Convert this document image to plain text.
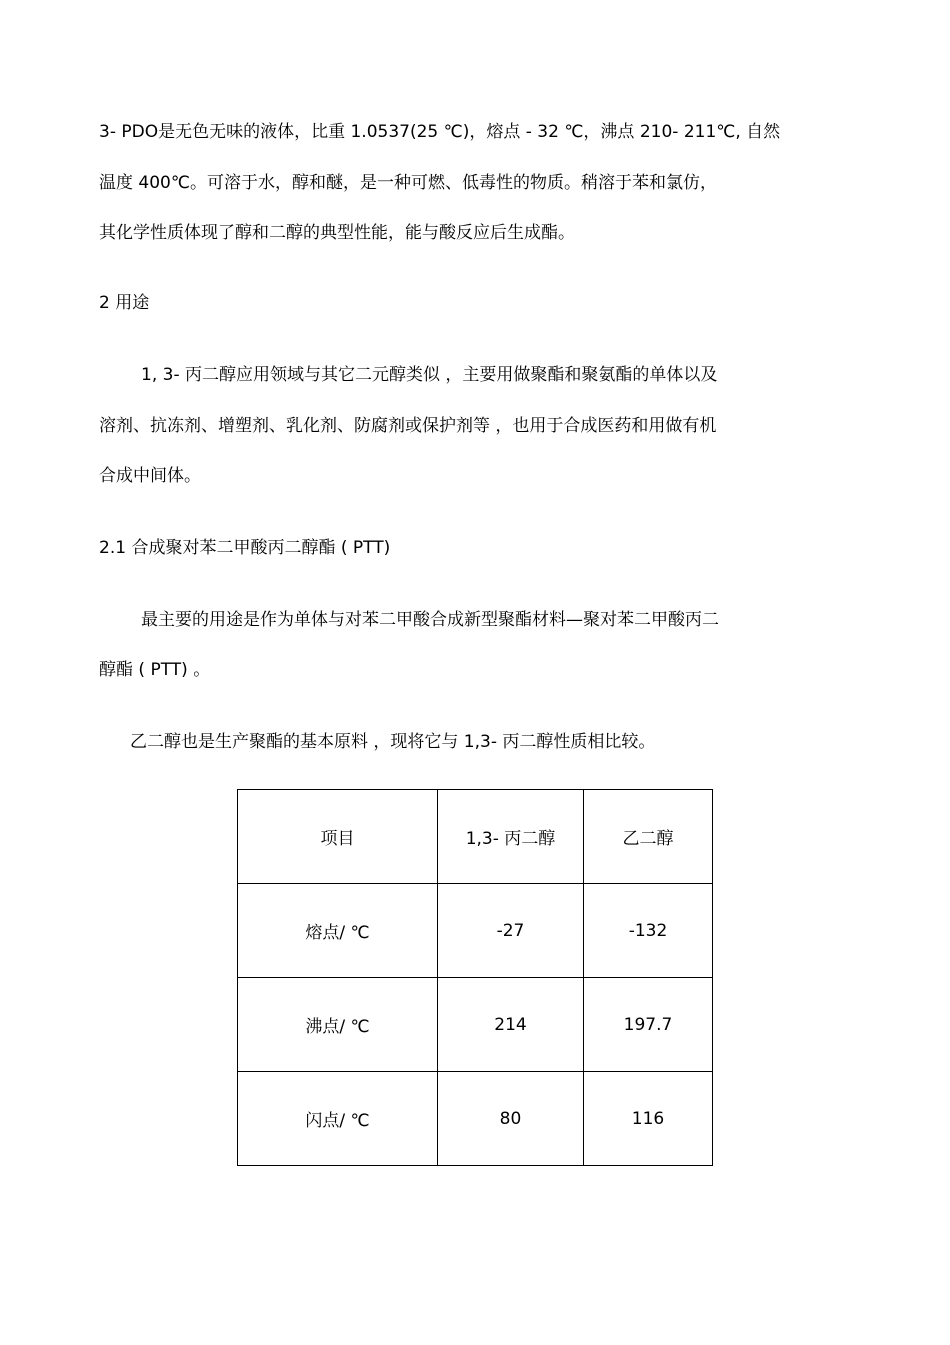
3- PDO是无色无味的液体，比重 1.0537(25 ℃)，熔点 - 32 ℃，沸点 210- 211℃, 自然
温度 400℃。可溶于水，醇和醚，是一种可燃、低毒性的物质。稍溶于苯和氯仿，
其化学性质体现了醇和二醇的典型性能，能与酸反应后生成酯。
2 用途
1, 3- 丙二醇应用领域与其它二元醇类似 ，主要用做聚酯和聚氨酯的单体以及
溶剂、抗冻剂、增塑剂、乳化剂、防腐剂或保护剂等 ，也用于合成医药和用做有机
合成中间体。
2.1 合成聚对苯二甲酸丙二醇酯 ( PTT)
最主要的用途是作为单体与对苯二甲酸合成新型聚酯材料—聚对苯二甲酸丙二
醇酯 ( PTT) 。
乙二醇也是生产聚酯的基本原料 ，现将它与 1,3- 丙二醇性质相比较。
项目	1,3- 丙二醇	乙二醇
熔点/ ℃	-27	-132
沸点/ ℃	214	197.7
闪点/ ℃	80	116
